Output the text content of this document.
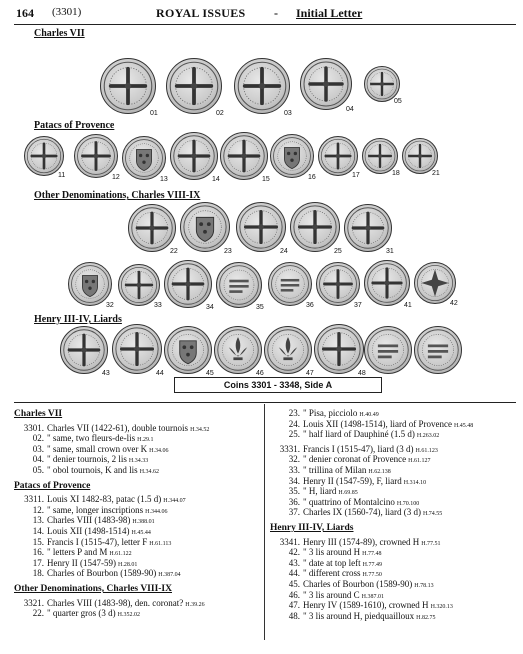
164 (3301)	ROYAL ISSUES - Initial Letter
Charles VII
Patacs of Provence
Other Denominations, Charles VIII-IX
Henry III-IV, Liards
01	02	03
04
05
11	12	13	14	15	16	17	18	21
22	23	24	25	31
32	33	34	35	36	37	41	42
43	44	45	46	47	48
Coins 3301 - 3348, Side A
Charles VII
3301. Charles VII (1422-61), double tournois H.34.52
02. " same, two fleurs-de-lis H.29.1
03. " same, small crown over K H.34.06
04. " denier tournois, 2 lis H.34.33
05. " obol tournois, K and lis H.34.62
Patacs of Provence
3311. Louis XI 1482-83, patac (1.5 d) H.344.07
12. " same, longer inscriptions H.344.06
13. Charles VIII (1483-98) H.388.01
14. Louis XII (1498-1514) H.45.44
15. Francis I (1515-47), letter F H.61.113
16. " letters P and M H.61.122
17. Henry II (1547-59) H.28.01
18. Charles of Bourbon (1589-90) H.387.04
Other Denominations, Charles VIII-IX
3321. Charles VIII (1483-98), den. coronat? H.39.26
22. " quarter gros (3 d) H.352.02
23. " Pisa, picciolo H.40.49
24. Louis XII (1498-1514), liard of Provence H.45.48
25. " half liard of Dauphiné (1.5 d) H.263.02
3331. Francis I (1515-47), liard (3 d) H.61.123
32. " denier coronat of Provence H.61.127
33. " trillina of Milan H.62.138
34. Henry II (1547-59), F, liard H.314.10
35. " H, liard H.69.85
36. " quattrino of Montalcino H.70.100
37. Charles IX (1560-74), liard (3 d) H.74.55
Henry III-IV, Liards
3341. Henry III (1574-89), crowned H H.77.51
42. " 3 lis around H H.77.48
43. " date at top left H.77.49
44. " different cross H.77.50
45. Charles of Bourbon (1589-90) H.78.13
46. " 3 lis around C H.387.01
47. Henry IV (1589-1610), crowned H H.320.13
48. " 3 lis around H, piedquailloux H.82.75
